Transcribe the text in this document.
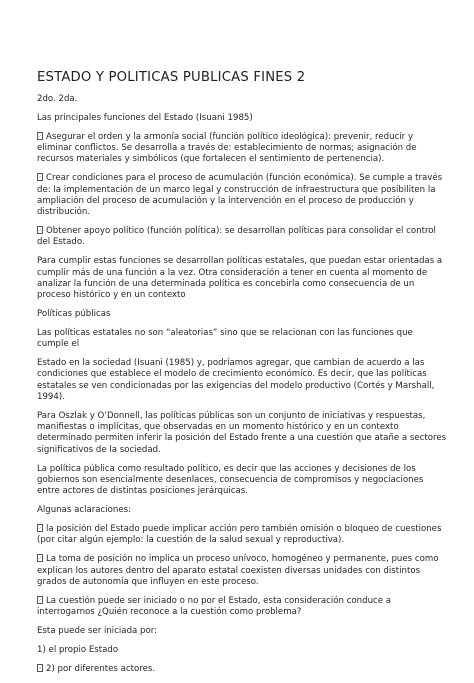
ESTADO Y POLITICAS PUBLICAS FINES 2

2do. 2da.

Las principales funciones del Estado (Isuani 1985)

Asegurar el orden y la armonía social (función político ideológica): prevenir, reducir y eliminar conflictos. Se desarrolla a través de: establecimiento de normas; asignación de recursos materiales y simbólicos (que fortalecen el sentimiento de pertenencia).

Crear condiciones para el proceso de acumulación (función económica). Se cumple a través de: la implementación de un marco legal y construcción de infraestructura que posibiliten la ampliación del proceso de acumulación y la intervención en el proceso de producción y distribución.

Obtener apoyo político (función política): se desarrollan políticas para consolidar el control del Estado.

Para cumplir estas funciones se desarrollan políticas estatales, que puedan estar orientadas a cumplir más de una función a la vez. Otra consideración a tener en cuenta al momento de analizar la función de una determinada política es concebirla como consecuencia de un proceso histórico y en un contexto

Políticas públicas

Las políticas estatales no son “aleatorias” sino que se relacionan con las funciones que cumple el

Estado en la sociedad (Isuani (1985) y, podríamos agregar, que cambian de acuerdo a las condiciones que establece el modelo de crecimiento económico. Es decir, que las políticas estatales se ven condicionadas por las exigencias del modelo productivo (Cortés y Marshall, 1994).

Para Oszlak y O’Donnell, las políticas públicas son un conjunto de iniciativas y respuestas, manifiestas o implícitas, que observadas en un momento histórico y en un contexto determinado permiten inferir la posición del Estado frente a una cuestión que atañe a sectores significativos de la sociedad.

La política pública como resultado político, es decir que las acciones y decisiones de los gobiernos son esencialmente desenlaces, consecuencia de compromisos y negociaciones entre actores de distintas posiciones jerárquicas.

Algunas aclaraciones:

la posición del Estado puede implicar acción pero también omisión o bloqueo de cuestiones (por citar algún ejemplo: la cuestión de la salud sexual y reproductiva).

La toma de posición no implica un proceso unívoco, homogéneo y permanente, pues como explican los autores dentro del aparato estatal coexisten diversas unidades con distintos grados de autonomía que influyen en este proceso.

La cuestión puede ser iniciado o no por el Estado, esta consideración conduce a interrogarnos ¿Quién reconoce a la cuestión como problema?

Esta puede ser iniciada por:

1) el propio Estado

2) por diferentes actores.
